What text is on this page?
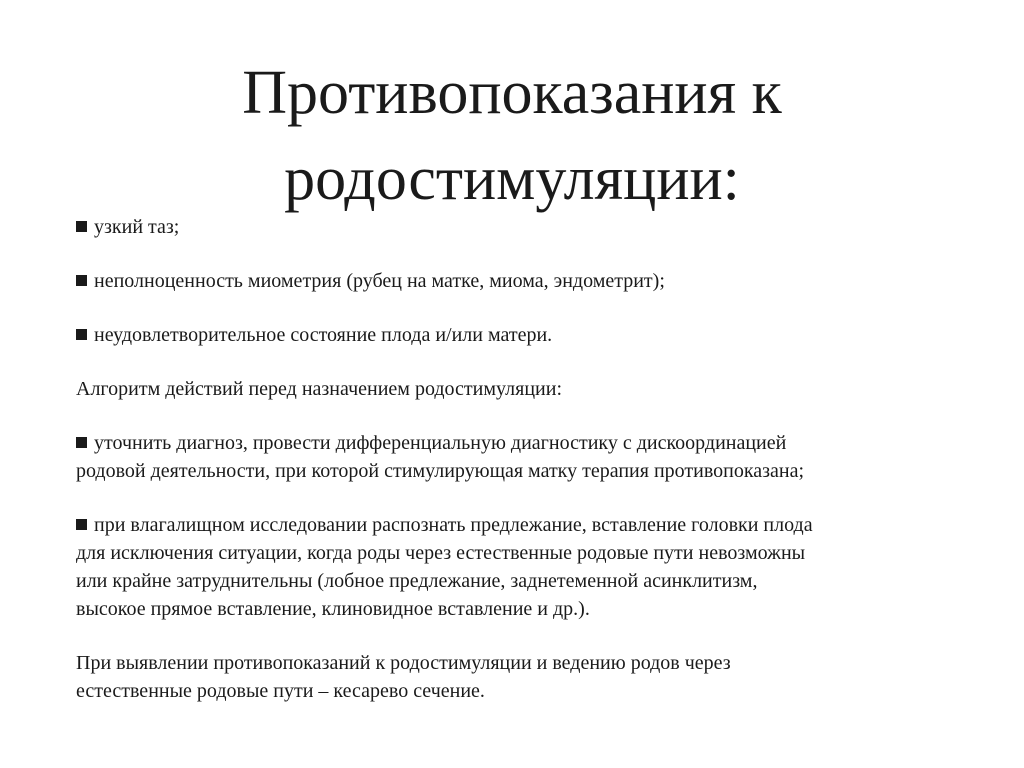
Противопоказания к
родостимуляции:

узкий таз;

неполноценность миометрия (рубец на матке, миома, эндометрит);

неудовлетворительное состояние плода и/или матери.

Алгоритм действий перед назначением родостимуляции:

уточнить диагноз, провести дифференциальную диагностику с дискоординацией
родовой деятельности, при которой стимулирующая матку терапия противопоказана;

при влагалищном исследовании распознать предлежание, вставление головки плода
для исключения ситуации, когда роды через естественные родовые пути невозможны
или крайне затруднительны (лобное предлежание, заднетеменной асинклитизм,
высокое прямое вставление, клиновидное вставление и др.).

При выявлении противопоказаний к родостимуляции и ведению родов через
естественные родовые пути – кесарево сечение.
